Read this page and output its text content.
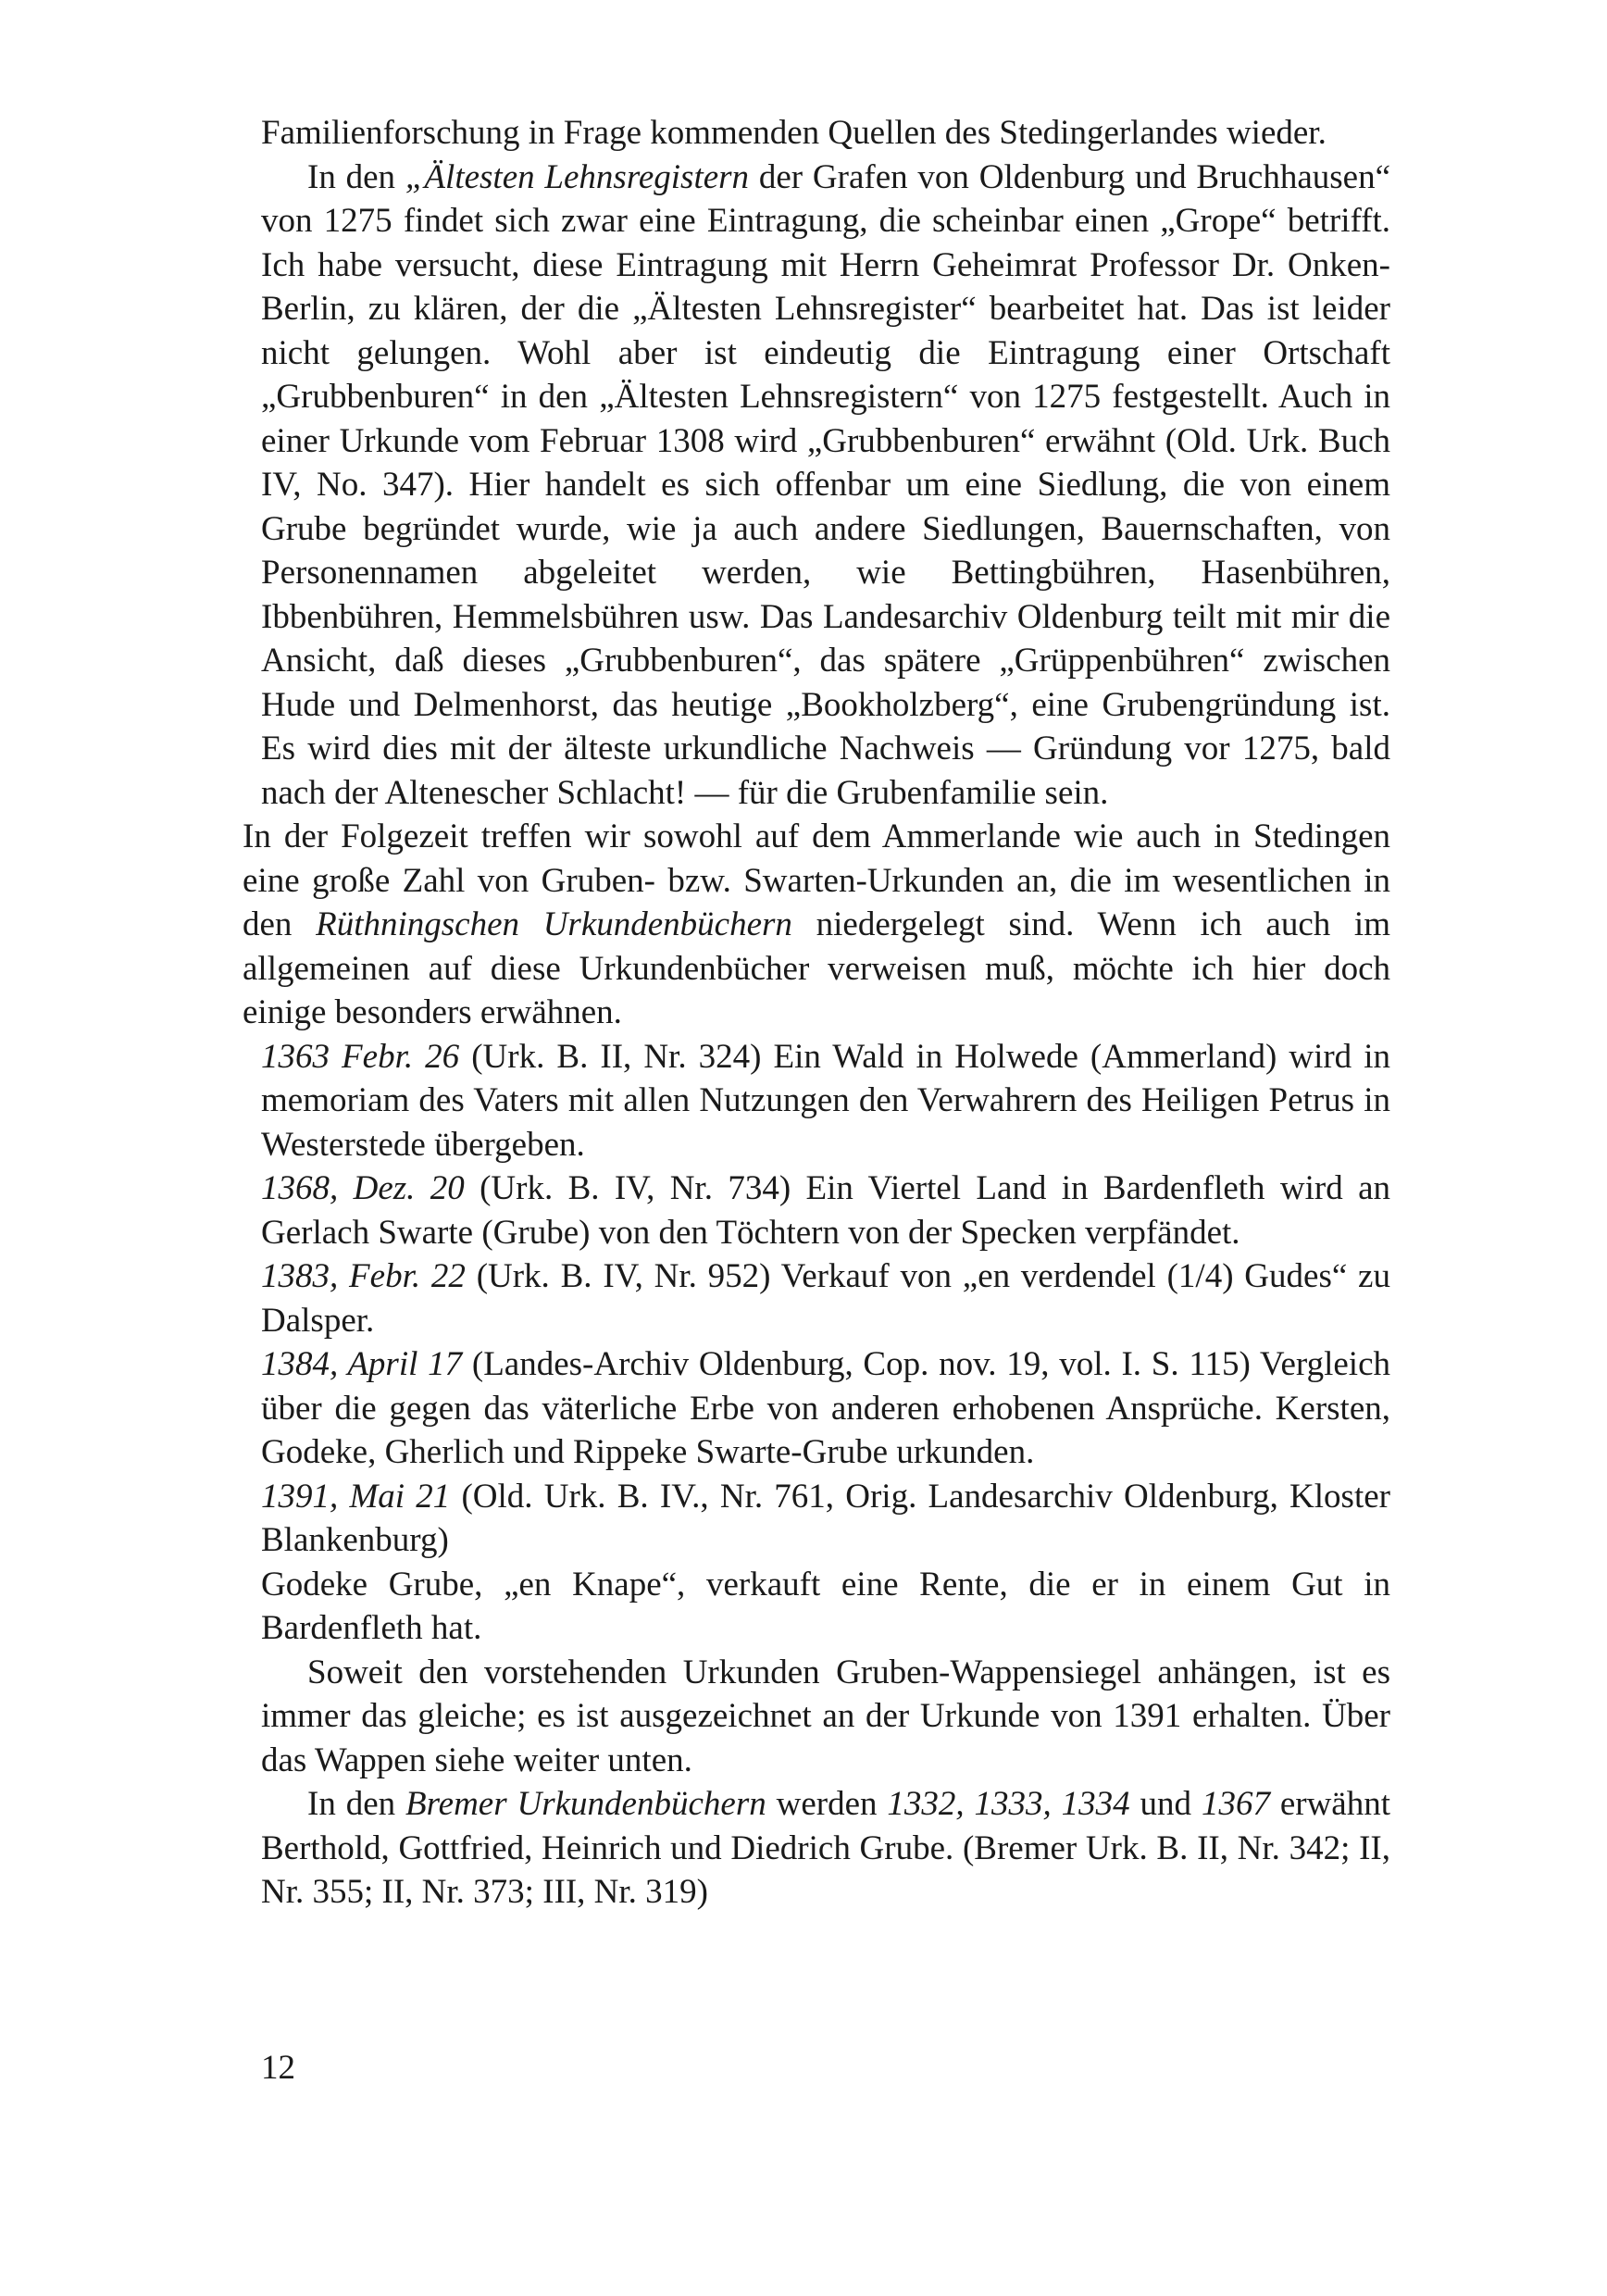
Familienforschung in Frage kommenden Quellen des Stedingerlandes wieder.

In den „Ältesten Lehnsregistern der Grafen von Oldenburg und Bruchhausen“ von 1275 findet sich zwar eine Eintragung, die scheinbar einen „Grope“ betrifft. Ich habe versucht, diese Eintragung mit Herrn Geheimrat Professor Dr. Onken-Berlin, zu klären, der die „Ältesten Lehnsregister“ bearbeitet hat. Das ist leider nicht gelungen. Wohl aber ist eindeutig die Eintragung einer Ortschaft „Grubbenburen“ in den „Ältesten Lehnsregistern“ von 1275 festgestellt. Auch in einer Urkunde vom Februar 1308 wird „Grubbenburen“ erwähnt (Old. Urk. Buch IV, No. 347). Hier handelt es sich offenbar um eine Siedlung, die von einem Grube begründet wurde, wie ja auch andere Siedlungen, Bauernschaften, von Personennamen abgeleitet werden, wie Bettingbühren, Hasenbühren, Ibbenbühren, Hemmelsbühren usw. Das Landesarchiv Oldenburg teilt mit mir die Ansicht, daß dieses „Grubbenburen“, das spätere „Grüppenbühren“ zwischen Hude und Delmenhorst, das heutige „Bookholzberg“, eine Grubengründung ist. Es wird dies mit der älteste urkundliche Nachweis — Gründung vor 1275, bald nach der Altenescher Schlacht! — für die Grubenfamilie sein.

In der Folgezeit treffen wir sowohl auf dem Ammerlande wie auch in Stedingen eine große Zahl von Gruben- bzw. Swarten-Urkunden an, die im wesentlichen in den Rüthningschen Urkundenbüchern niedergelegt sind. Wenn ich auch im allgemeinen auf diese Urkundenbücher verweisen muß, möchte ich hier doch einige besonders erwähnen.

1363 Febr. 26 (Urk. B. II, Nr. 324) Ein Wald in Holwede (Ammerland) wird in memoriam des Vaters mit allen Nutzungen den Verwahrern des Heiligen Petrus in Westerstede übergeben.

1368, Dez. 20 (Urk. B. IV, Nr. 734) Ein Viertel Land in Bardenfleth wird an Gerlach Swarte (Grube) von den Töchtern von der Specken verpfändet.

1383, Febr. 22 (Urk. B. IV, Nr. 952) Verkauf von „en verdendel (1/4) Gudes“ zu Dalsper.

1384, April 17 (Landes-Archiv Oldenburg, Cop. nov. 19, vol. I. S. 115) Vergleich über die gegen das väterliche Erbe von anderen erhobenen Ansprüche. Kersten, Godeke, Gherlich und Rippeke Swarte-Grube urkunden.

1391, Mai 21 (Old. Urk. B. IV., Nr. 761, Orig. Landesarchiv Oldenburg, Kloster Blankenburg)

Godeke Grube, „en Knape“, verkauft eine Rente, die er in einem Gut in Bardenfleth hat.

Soweit den vorstehenden Urkunden Gruben-Wappensiegel anhängen, ist es immer das gleiche; es ist ausgezeichnet an der Urkunde von 1391 erhalten. Über das Wappen siehe weiter unten.

In den Bremer Urkundenbüchern werden 1332, 1333, 1334 und 1367 erwähnt Berthold, Gottfried, Heinrich und Diedrich Grube. (Bremer Urk. B. II, Nr. 342; II, Nr. 355; II, Nr. 373; III, Nr. 319)

12
